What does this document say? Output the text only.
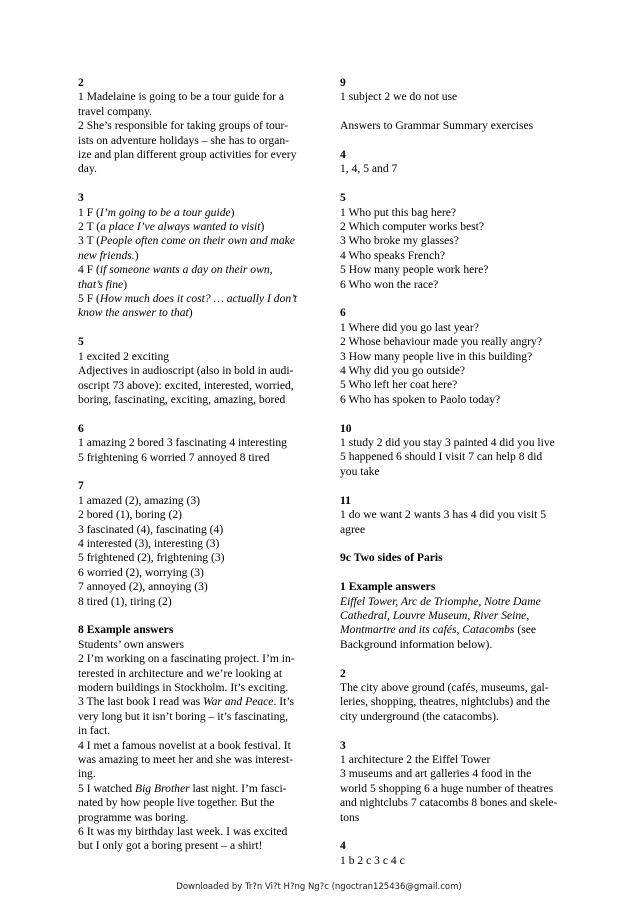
2
1 Madelaine is going to be a tour guide for a
travel company.
2 She’s responsible for taking groups of tour-
ists on adventure holidays – she has to organ-
ize and plan different group activities for every
day.
3
1 F (I’m going to be a tour guide)
2 T (a place I’ve always wanted to visit)
3 T (People often come on their own and make
new friends.)
4 F (if someone wants a day on their own,
that’s fine)
5 F (How much does it cost? … actually I don’t
know the answer to that)
5
1 excited 2 exciting
Adjectives in audioscript (also in bold in audi-
oscript 73 above): excited, interested, worried,
boring, fascinating, exciting, amazing, bored
6
1 amazing 2 bored 3 fascinating 4 interesting
5 frightening 6 worried 7 annoyed 8 tired
7
1 amazed (2), amazing (3)
2 bored (1), boring (2)
3 fascinated (4), fascinating (4)
4 interested (3), interesting (3)
5 frightened (2), frightening (3)
6 worried (2), worrying (3)
7 annoyed (2), annoying (3)
8 tired (1), tiring (2)
8 Example answers
Students’ own answers
2 I’m working on a fascinating project. I’m in-
terested in architecture and we’re looking at
modern buildings in Stockholm. It’s exciting.
3 The last book I read was War and Peace. It’s
very long but it isn’t boring – it’s fascinating,
in fact.
4 I met a famous novelist at a book festival. It
was amazing to meet her and she was interest-
ing.
5 I watched Big Brother last night. I’m fasci-
nated by how people live together. But the
programme was boring.
6 It was my birthday last week. I was excited
but I only got a boring present – a shirt!
9
1 subject 2 we do not use
Answers to Grammar Summary exercises
4
1, 4, 5 and 7
5
1 Who put this bag here?
2 Which computer works best?
3 Who broke my glasses?
4 Who speaks French?
5 How many people work here?
6 Who won the race?
6
1 Where did you go last year?
2 Whose behaviour made you really angry?
3 How many people live in this building?
4 Why did you go outside?
5 Who left her coat here?
6 Who has spoken to Paolo today?
10
1 study 2 did you stay 3 painted 4 did you live
5 happened 6 should I visit 7 can help 8 did
you take
11
1 do we want 2 wants 3 has 4 did you visit 5
agree
9c Two sides of Paris
1 Example answers
Eiffel Tower, Arc de Triomphe, Notre Dame
Cathedral, Louvre Museum, River Seine,
Montmartre and its cafés, Catacombs (see
Background information below).
2
The city above ground (cafés, museums, gal-
leries, shopping, theatres, nightclubs) and the
city underground (the catacombs).
3
1 architecture 2 the Eiffel Tower
3 museums and art galleries 4 food in the
world 5 shopping 6 a huge number of theatres
and nightclubs 7 catacombs 8 bones and skele-
tons
4
1 b 2 c 3 c 4 c
Downloaded by Tr?n Vi?t H?ng Ng?c (ngoctran125436@gmail.com)
